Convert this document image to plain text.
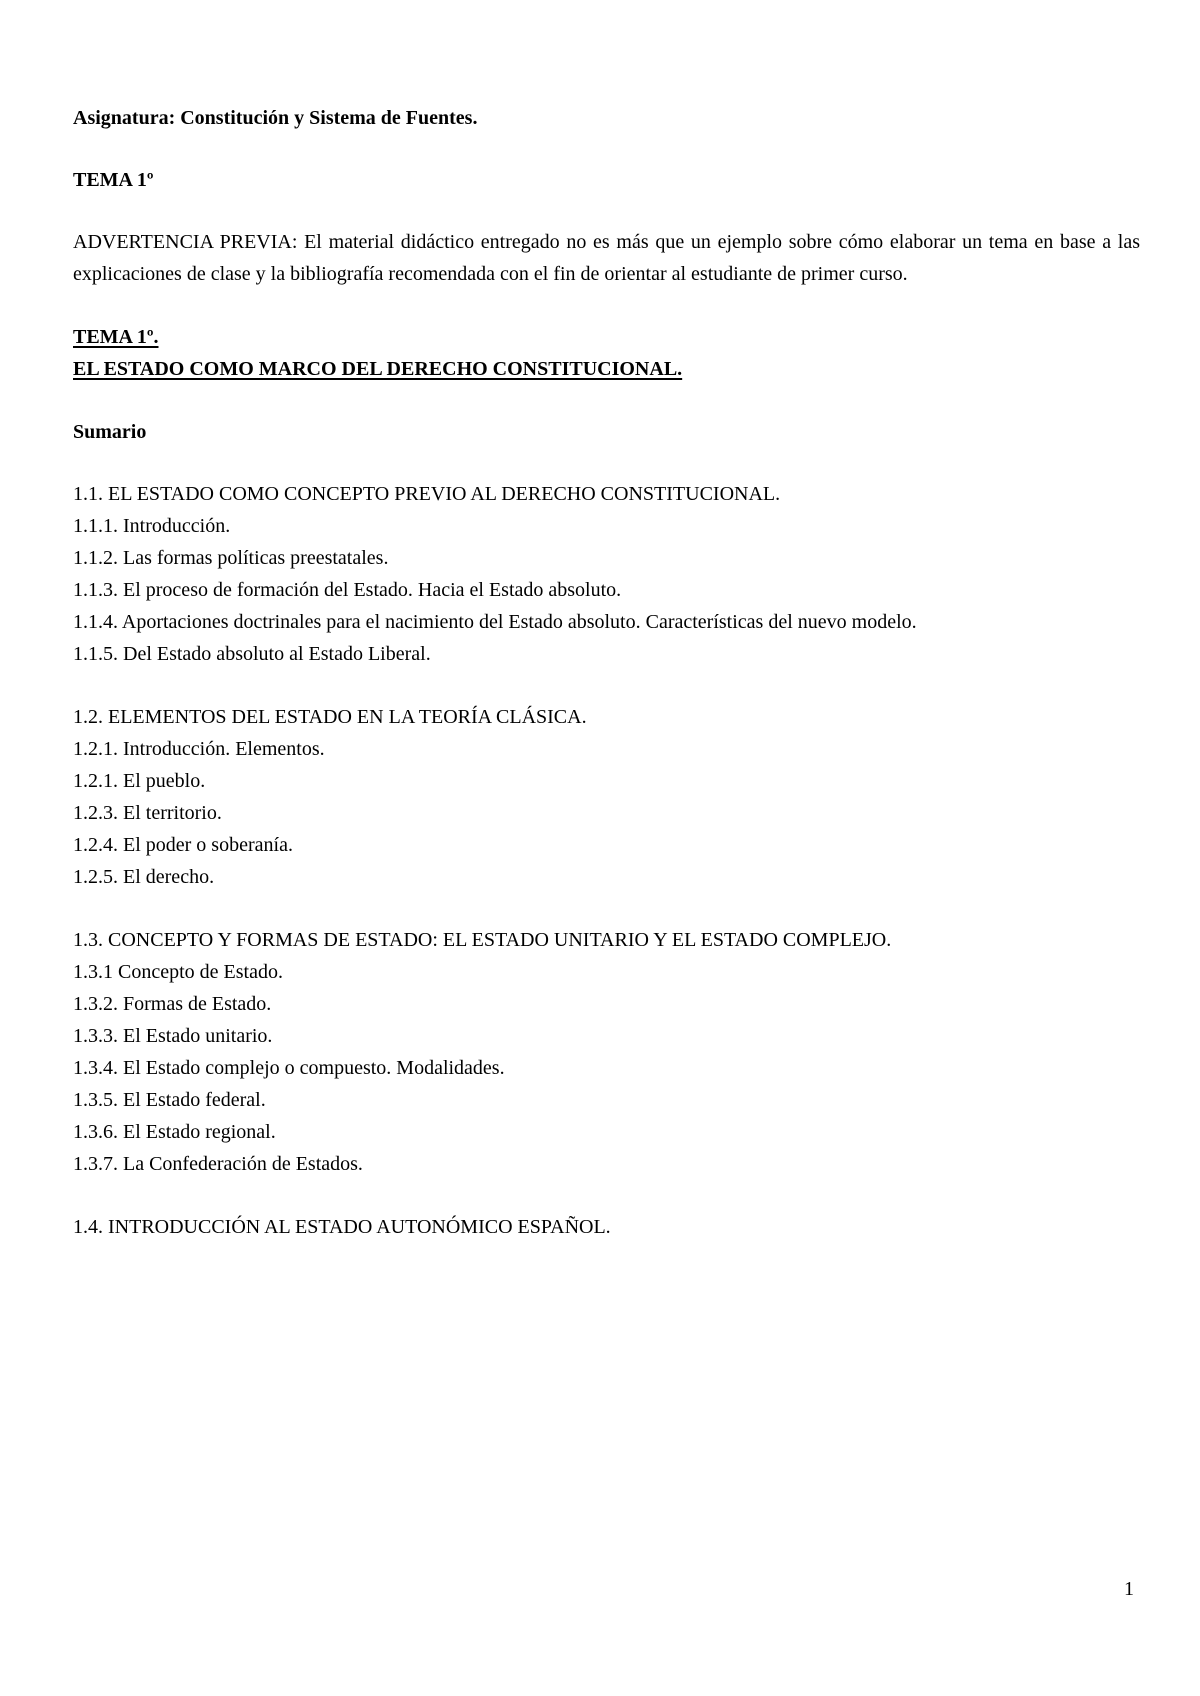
Asignatura: Constitución y Sistema de Fuentes.

TEMA 1º

ADVERTENCIA PREVIA: El material didáctico entregado no es más que un ejemplo sobre cómo elaborar un tema en base a las explicaciones de clase y la bibliografía recomendada con el fin de orientar al estudiante de primer curso.

TEMA 1º.

EL ESTADO COMO MARCO DEL DERECHO CONSTITUCIONAL.

Sumario

1.1. EL ESTADO COMO CONCEPTO PREVIO AL DERECHO CONSTITUCIONAL.

1.1.1. Introducción.

1.1.2. Las formas políticas preestatales.

1.1.3. El proceso de formación del Estado. Hacia el Estado absoluto.

1.1.4. Aportaciones doctrinales para el nacimiento del Estado absoluto. Características del nuevo modelo.

1.1.5. Del Estado absoluto al Estado Liberal.

1.2. ELEMENTOS DEL ESTADO EN LA TEORÍA CLÁSICA.

1.2.1. Introducción. Elementos.

1.2.1. El pueblo.

1.2.3. El territorio.

1.2.4. El poder o soberanía.

1.2.5. El derecho.

1.3. CONCEPTO Y FORMAS DE ESTADO: EL ESTADO UNITARIO Y EL ESTADO COMPLEJO.

1.3.1 Concepto de Estado.

1.3.2. Formas de Estado.

1.3.3. El Estado unitario.

1.3.4. El Estado complejo o compuesto. Modalidades.

1.3.5. El Estado federal.

1.3.6. El Estado regional.

1.3.7. La Confederación de Estados.

1.4. INTRODUCCIÓN AL ESTADO AUTONÓMICO ESPAÑOL.

1
